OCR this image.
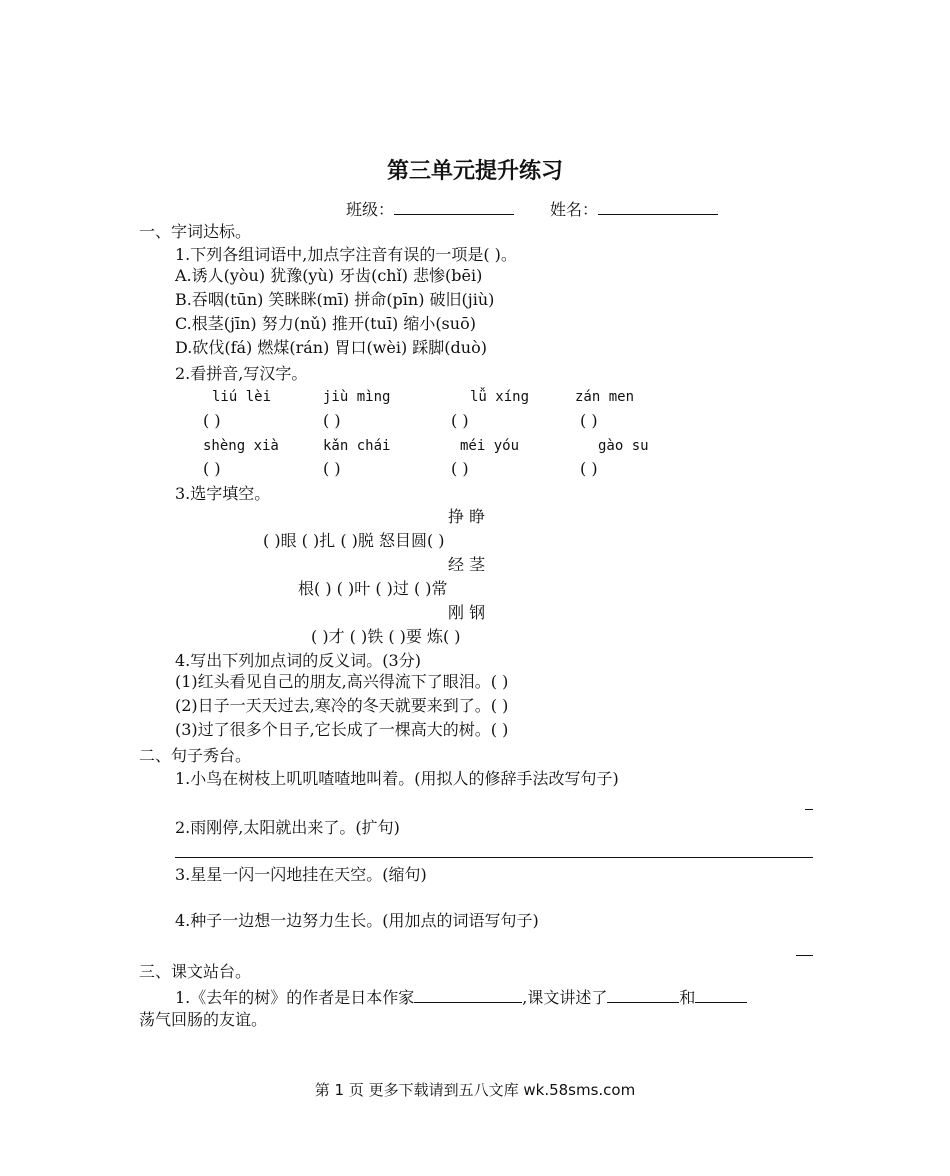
第三单元提升练习
班级：	姓名：
一、字词达标。
1.下列各组词语中,加点字注音有误的一项是( )。
A.诱人(yòu) 犹豫(yù) 牙齿(chǐ) 悲惨(bēi)
B.吞咽(tūn) 笑眯眯(mī) 拼命(pīn) 破旧(jiù)
C.根茎(jīn) 努力(nǔ) 推开(tuī) 缩小(suō)
D.砍伐(fá) 燃煤(rán) 胃口(wèi) 踩脚(duò)
2.看拼音,写汉字。
liú lèi	jiù mìng	lǚ xíng	zán men
( )	( )	( )	( )
shèng xià	kǎn chái	méi yóu	gào su
( )	( )	( )	( )
3.选字填空。
挣 睁
( )眼 ( )扎 ( )脱 怒目圆( )
经 茎
根( ) ( )叶 ( )过 ( )常
刚 钢
( )才 ( )铁 ( )要 炼( )
4.写出下列加点词的反义词。(3分)
(1)红头看见自己的朋友,高兴得流下了眼泪。( )
(2)日子一天天过去,寒冷的冬天就要来到了。( )
(3)过了很多个日子,它长成了一棵高大的树。( )
二、句子秀台。
1.小鸟在树枝上叽叽喳喳地叫着。(用拟人的修辞手法改写句子)
2.雨刚停,太阳就出来了。(扩句)
3.星星一闪一闪地挂在天空。(缩句)
4.种子一边想一边努力生长。(用加点的词语写句子)
三、课文站台。
1.《去年的树》的作者是日本作家	,课文讲述了	和
荡气回肠的友谊。
第 1 页 更多下载请到五八文库 wk.58sms.com
